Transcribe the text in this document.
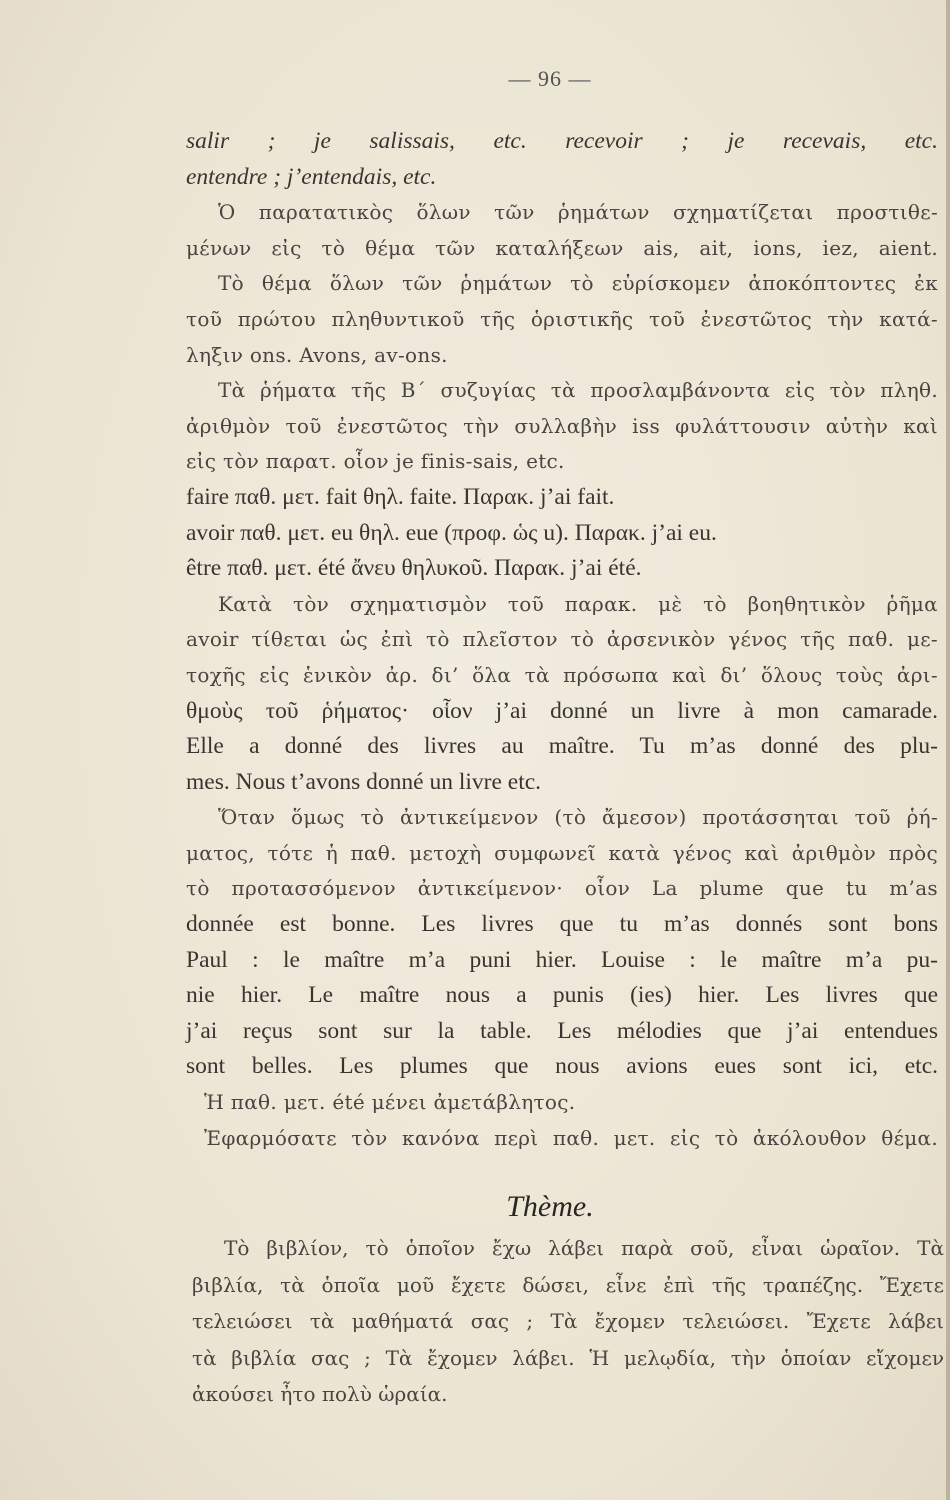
— 96 —
salir ; je salissais, etc. recevoir ; je recevais, etc.
entendre ; j’entendais, etc.
Ὁ παρατατικὸς ὅλων τῶν ῥημάτων σχηματίζεται προστιθε-
μένων εἰς τὸ θέμα τῶν καταλήξεων ais, ait, ions, iez, aient.
Τὸ θέμα ὅλων τῶν ῥημάτων τὸ εὑρίσκομεν ἀποκόπτοντες ἐκ
τοῦ πρώτου πληθυντικοῦ τῆς ὁριστικῆς τοῦ ἐνεστῶτος τὴν κατά-
ληξιν ons. Avons, av-ons.
Τὰ ῥήματα τῆς Β΄ συζυγίας τὰ προσλαμβάνοντα εἰς τὸν πληθ.
ἀριθμὸν τοῦ ἐνεστῶτος τὴν συλλαβὴν iss φυλάττουσιν αὐτὴν καὶ
εἰς τὸν παρατ. οἷον je finis-sais, etc.
faire παθ. μετ. fait θηλ. faite. Παρακ. j’ai fait.
avoir παθ. μετ. eu θηλ. eue (προφ. ὡς u). Παρακ. j’ai eu.
être παθ. μετ. été ἄνευ θηλυκοῦ. Παρακ. j’ai été.
Κατὰ τὸν σχηματισμὸν τοῦ παρακ. μὲ τὸ βοηθητικὸν ῥῆμα
avoir τίθεται ὡς ἐπὶ τὸ πλεῖστον τὸ ἀρσενικὸν γένος τῆς παθ. με-
τοχῆς εἰς ἑνικὸν ἀρ. δι’ ὅλα τὰ πρόσωπα καὶ δι’ ὅλους τοὺς ἀρι-
θμοὺς τοῦ ῥήματος· οἷον j’ai donné un livre à mon camarade.
Elle a donné des livres au maître. Tu m’as donné des plu-
mes. Nous t’avons donné un livre etc.
Ὅταν ὅμως τὸ ἀντικείμενον (τὸ ἄμεσον) προτάσσηται τοῦ ῥή-
ματος, τότε ἡ παθ. μετοχὴ συμφωνεῖ κατὰ γένος καὶ ἀριθμὸν πρὸς
τὸ προτασσόμενον ἀντικείμενον· οἷον La plume que tu m’as
donnée est bonne. Les livres que tu m’as donnés sont bons
Paul : le maître m’a puni hier. Louise : le maître m’a pu-
nie hier. Le maître nous a punis (ies) hier. Les livres que
j’ai reçus sont sur la table. Les mélodies que j’ai entendues
sont belles. Les plumes que nous avions eues sont ici, etc.
Ἡ παθ. μετ. été μένει ἀμετάβλητος.
Ἐφαρμόσατε τὸν κανόνα περὶ παθ. μετ. εἰς τὸ ἀκόλουθον θέμα.
Thème.
Τὸ βιβλίον, τὸ ὁποῖον ἔχω λάβει παρὰ σοῦ, εἶναι ὡραῖον. Τὰ
βιβλία, τὰ ὁποῖα μοῦ ἔχετε δώσει, εἶνε ἐπὶ τῆς τραπέζης. Ἔχετε
τελειώσει τὰ μαθήματά σας ; Τὰ ἔχομεν τελειώσει. Ἔχετε λάβει
τὰ βιβλία σας ; Τὰ ἔχομεν λάβει. Ἡ μελῳδία, τὴν ὁποίαν εἴχομεν
ἀκούσει ἦτο πολὺ ὡραία.
